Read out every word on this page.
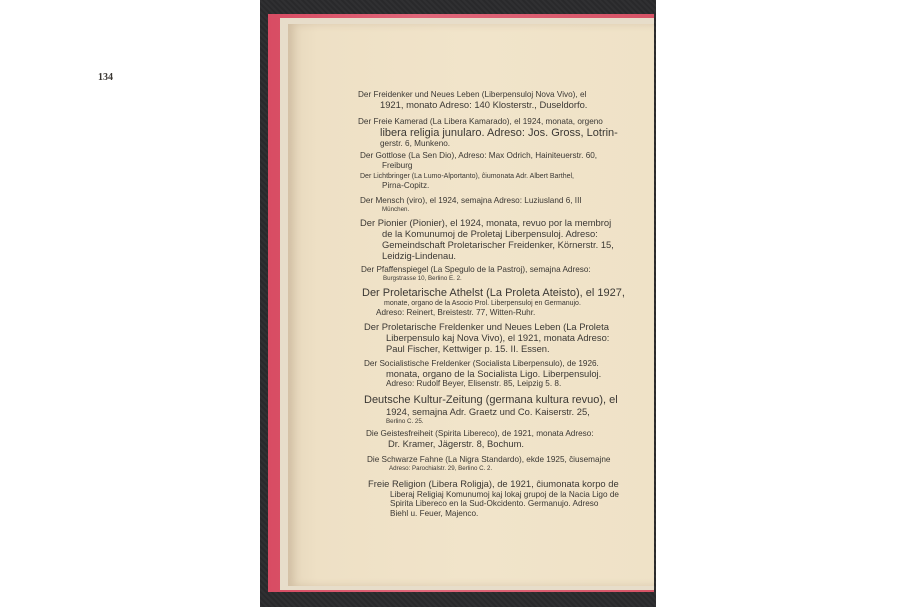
134
Der Freidenker und Neues Leben (Liberpensuloj Nova Vivo), el
1921, monato Adreso: 140 Klosterstr., Duseldorfo.
Der Freie Kamerad (La Libera Kamarado), el 1924, monata, orgeno
libera religia junularo. Adreso: Jos. Gross, Lotrin-
gerstr. 6, Munkeno.
Der Gottlose (La Sen Dio), Adreso: Max Odrich, Hainiteuerstr. 60,
Freiburg
Der Lichtbringer (La Lumo-Alportanto), ĉiumonata Adr. Albert Barthel,
Pirna-Copitz.
Der Mensch (viro), el 1924, semajna Adreso: Luziusland 6, III
München.
Der Pionier (Pionier), el 1924, monata, revuo por la membroj
de la Komunumoj de Proletaj Liberpensuloj. Adreso:
Gemeindschaft Proletarischer Freidenker, Körnerstr. 15,
Leidzig-Lindenau.
Der Pfaffenspiegel (La Spegulo de la Pastroj), semajna Adreso:
Burgstrasse 10, Berlino E. 2.
Der Proletarische Athelst (La Proleta Ateisto), el 1927,
monate, organo de la Asocio Prol. Liberpensuloj en Germanujo.
Adreso: Reinert, Breistestr. 77, Witten-Ruhr.
Der Proletarische Freldenker und Neues Leben (La Proleta
Liberpensulo kaj Nova Vivo), el 1921, monata Adreso:
Paul Fischer, Kettwiger p. 15. II. Essen.
Der Socialistische Freldenker (Socialista Liberpensulo), de 1926.
monata, organo de la Socialista Ligo. Liberpensuloj.
Adreso: Rudolf Beyer, Elisenstr. 85, Leipzig 5. 8.
Deutsche Kultur-Zeitung (germana kultura revuo), el
1924, semajna Adr. Graetz und Co. Kaiserstr. 25,
Berlino C. 25.
Die Geistesfreiheit (Spirita Libereco), de 1921, monata Adreso:
Dr. Kramer, Jägerstr. 8, Bochum.
Die Schwarze Fahne (La Nigra Standardo), ekde 1925, ĉiusemajne
Adreso: Parochialstr. 29, Berlino C. 2.
Freie Religion (Libera Roligja), de 1921, ĉiumonata korpo de
Liberaj Religiaj Komunumoj kaj lokaj grupoj de la Nacia Ligo de
Spirita Libereco en la Sud-Okcidento. Germanujo. Adreso
Biehl u. Feuer, Majenco.
